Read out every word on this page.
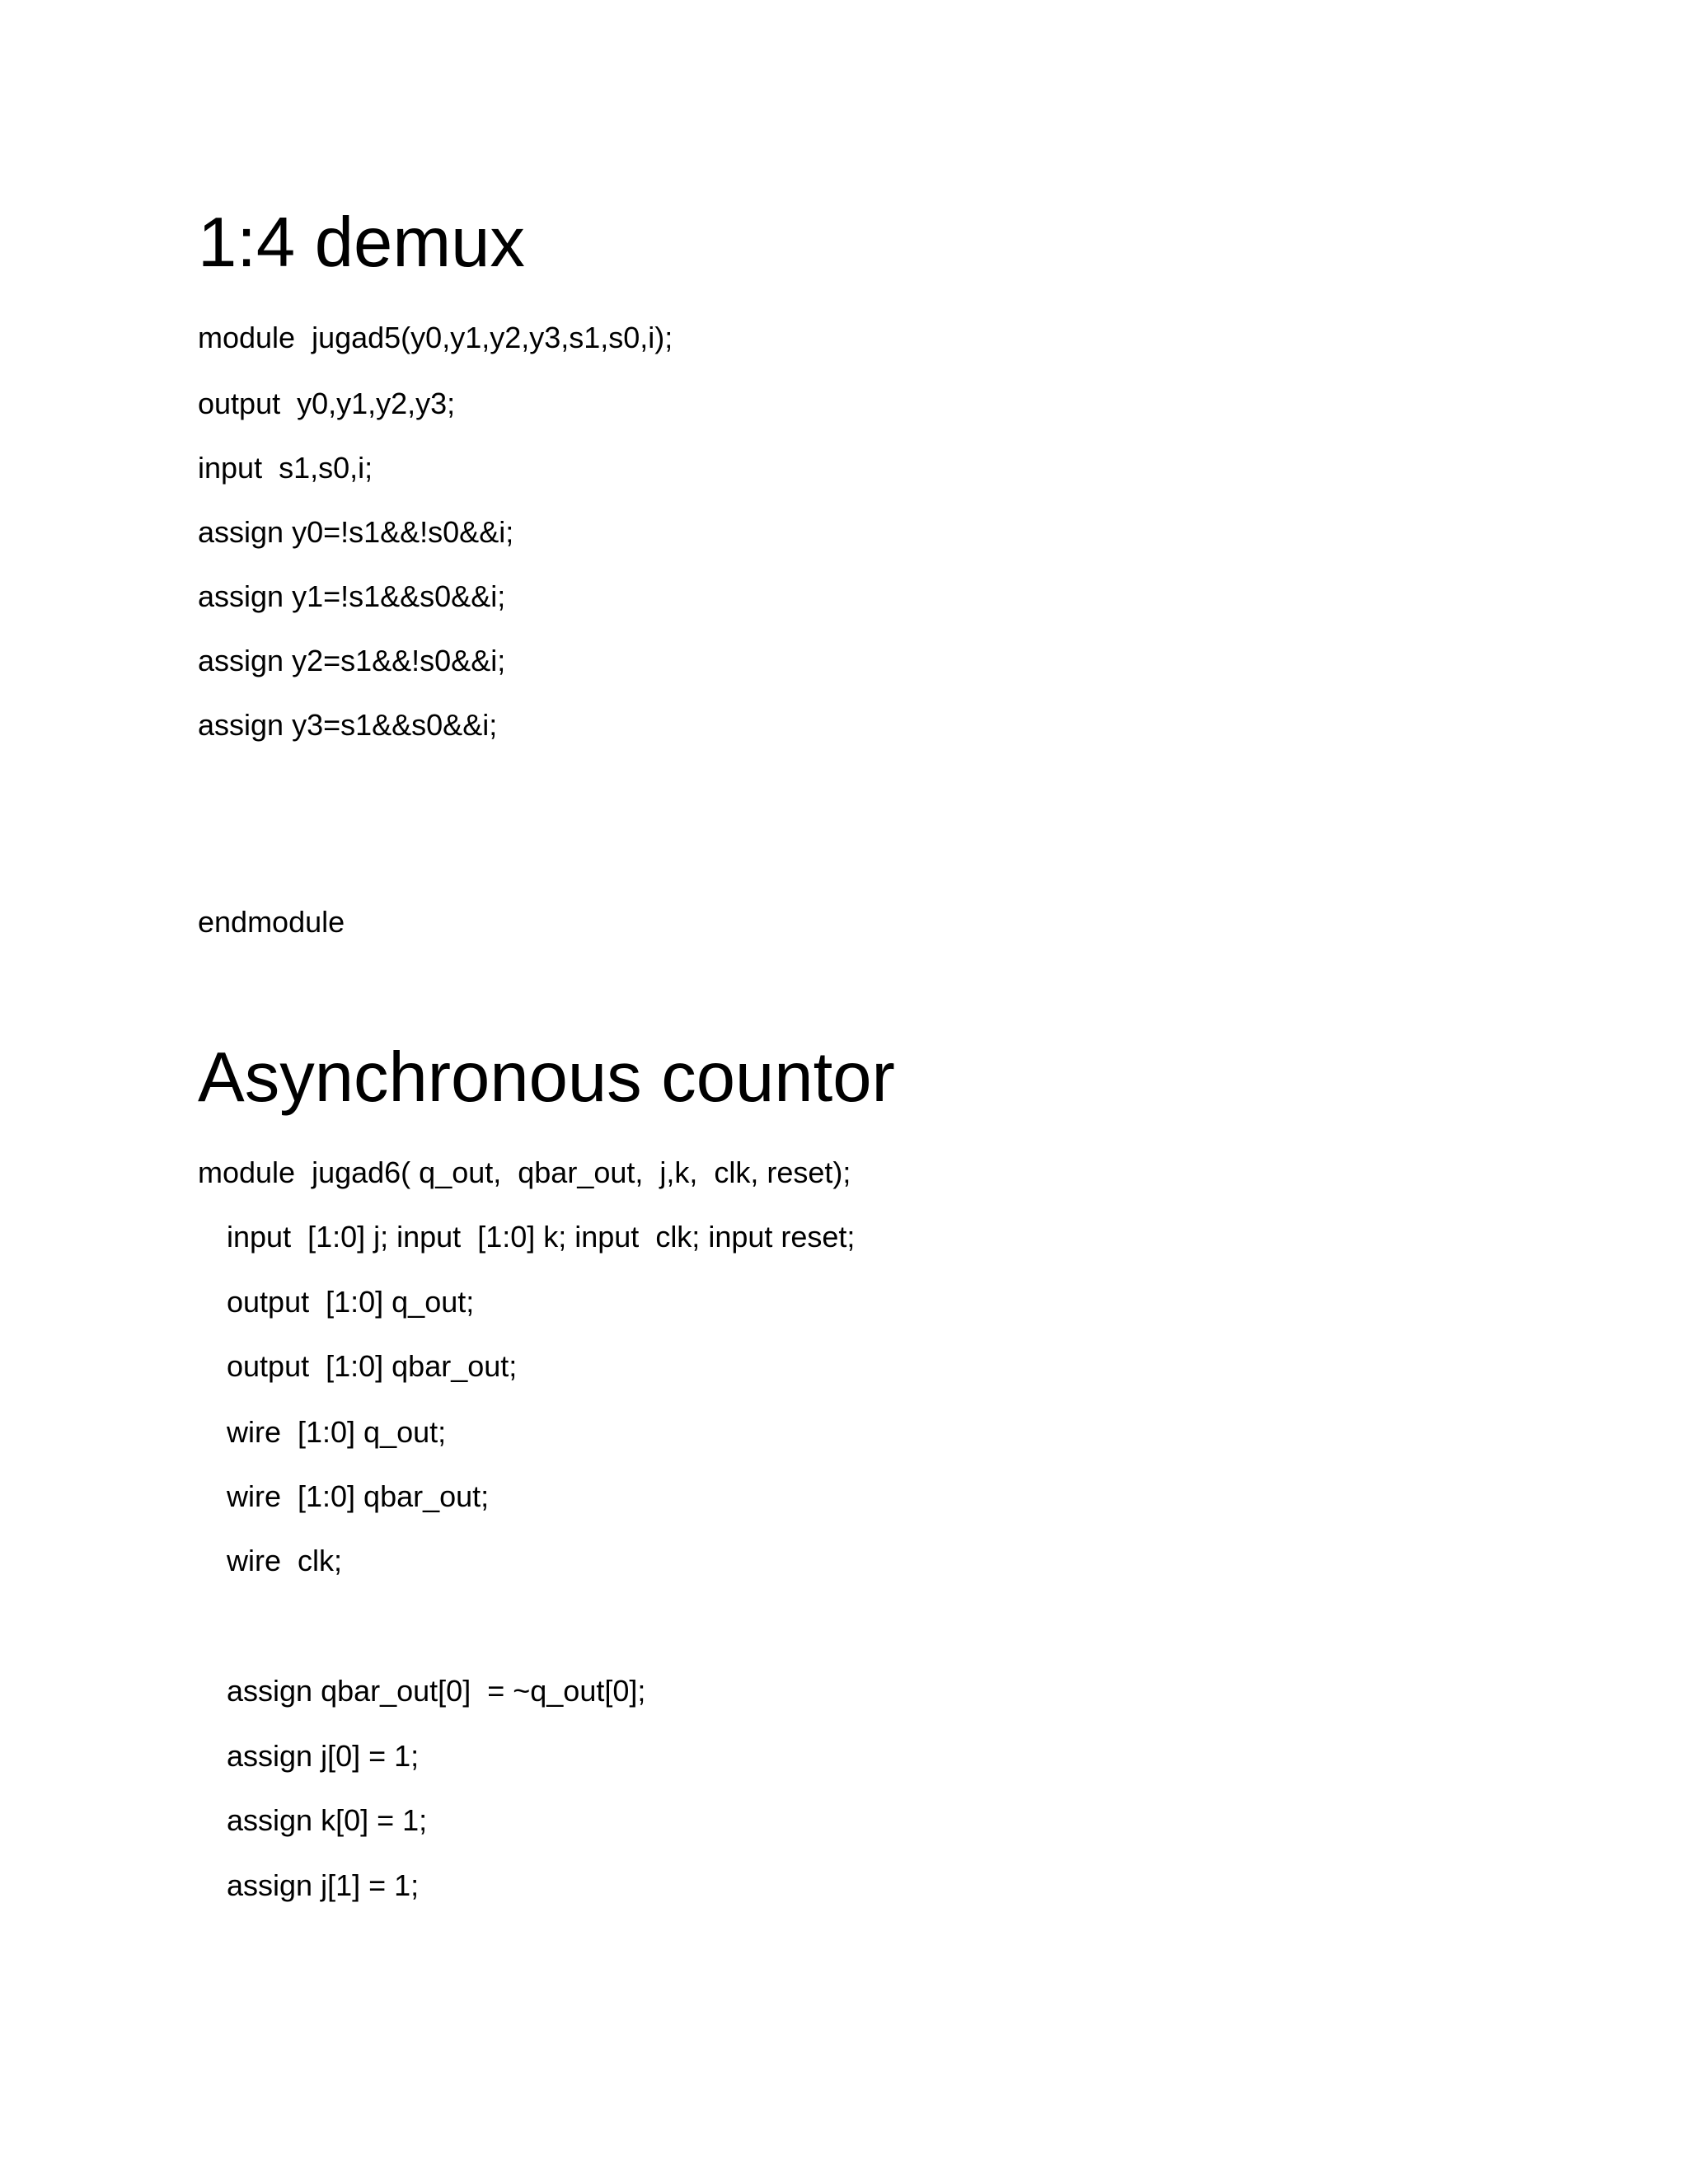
1:4 demux
module  jugad5(y0,y1,y2,y3,s1,s0,i);
output  y0,y1,y2,y3;
input  s1,s0,i;
assign y0=!s1&&!s0&&i;
assign y1=!s1&&s0&&i;
assign y2=s1&&!s0&&i;
assign y3=s1&&s0&&i;
endmodule
Asynchronous countor
module  jugad6( q_out,  qbar_out,  j,k,  clk, reset);
input  [1:0] j; input  [1:0] k; input  clk; input reset;
output  [1:0] q_out;
output  [1:0] qbar_out;
wire  [1:0] q_out;
wire  [1:0] qbar_out;
wire  clk;
assign qbar_out[0]  = ~q_out[0];
assign j[0] = 1;
assign k[0] = 1;
assign j[1] = 1;
